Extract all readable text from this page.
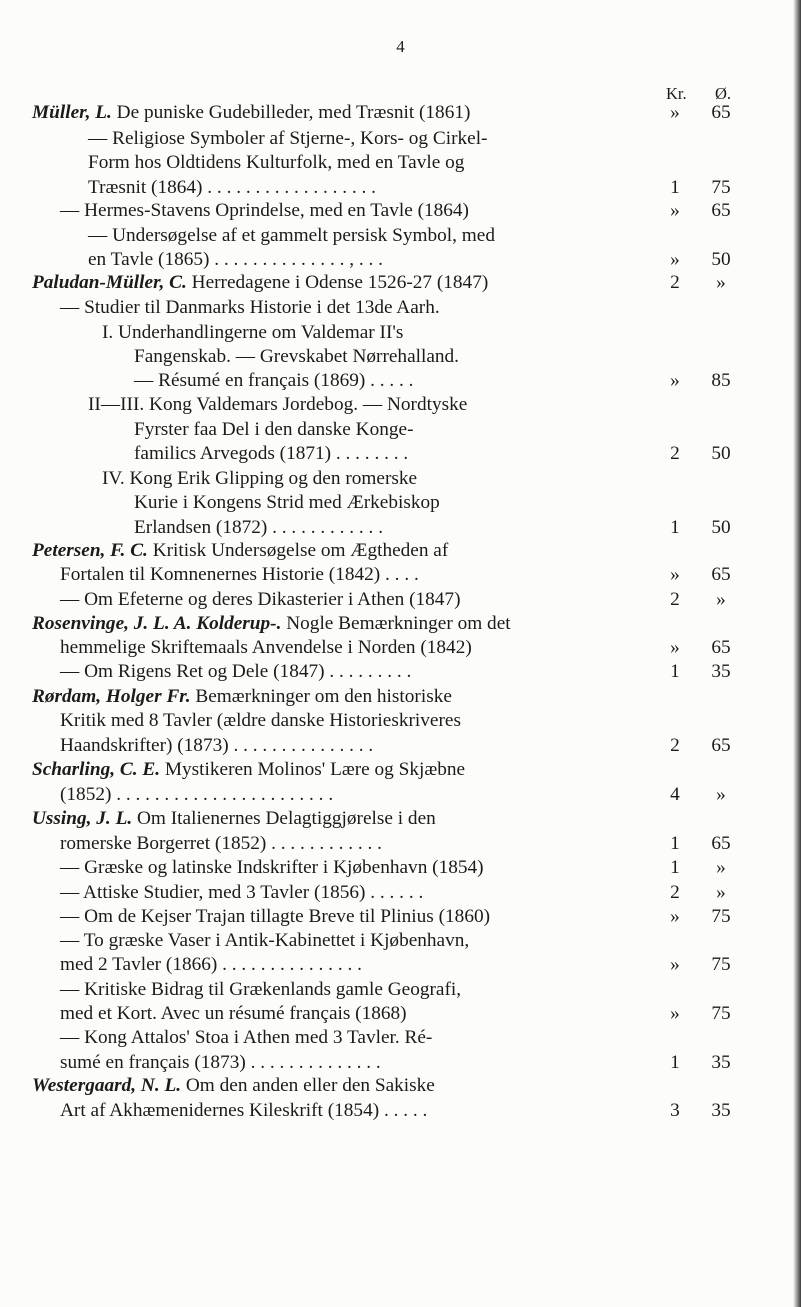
4
Kr. Ø.
Müller, L. De puniske Gudebilleder, med Træsnit (1861)	»	65
— Religiose Symboler af Stjerne-, Kors- og Cirkel-
Form hos Oldtidens Kulturfolk, med en Tavle og
Træsnit (1864) . . . . . . . . . . . . . . . . . .	1	75
— Hermes-Stavens Oprindelse, med en Tavle (1864)	»	65
— Undersøgelse af et gammelt persisk Symbol, med
en Tavle (1865) . . . . . . . . . . . . . . , . . .	»	50
Paludan-Müller, C. Herredagene i Odense 1526-27 (1847)	2	»
— Studier til Danmarks Historie i det 13de Aarh.
I. Underhandlingerne om Valdemar II's
Fangenskab. — Grevskabet Nørrehalland.
— Résumé en français (1869) . . . . .	»	85
II—III. Kong Valdemars Jordebog. — Nordtyske
Fyrster faa Del i den danske Konge-
familics Arvegods (1871) . . . . . . . .	2	50
IV. Kong Erik Glipping og den romerske
Kurie i Kongens Strid med Ærkebiskop
Erlandsen (1872) . . . . . . . . . . . .	1	50
Petersen, F. C. Kritisk Undersøgelse om Ægtheden af
Fortalen til Komnenernes Historie (1842) . . . .	»	65
— Om Efeterne og deres Dikasterier i Athen (1847)	2	»
Rosenvinge, J. L. A. Kolderup-. Nogle Bemærkninger om det
hemmelige Skriftemaals Anvendelse i Norden (1842)	»	65
— Om Rigens Ret og Dele (1847) . . . . . . . . .	1	35
Rørdam, Holger Fr. Bemærkninger om den historiske
Kritik med 8 Tavler (ældre danske Historieskriveres
Haandskrifter) (1873) . . . . . . . . . . . . . . .	2	65
Scharling, C. E. Mystikeren Molinos' Lære og Skjæbne
(1852) . . . . . . . . . . . . . . . . . . . . . . .	4	»
Ussing, J. L. Om Italienernes Delagtiggjørelse i den
romerske Borgerret (1852) . . . . . . . . . . . .	1	65
— Græske og latinske Indskrifter i Kjøbenhavn (1854)	1	»
— Attiske Studier, med 3 Tavler (1856) . . . . . .	2	»
— Om de Kejser Trajan tillagte Breve til Plinius (1860)	»	75
— To græske Vaser i Antik-Kabinettet i Kjøbenhavn,
med 2 Tavler (1866) . . . . . . . . . . . . . . .	»	75
— Kritiske Bidrag til Grækenlands gamle Geografi,
med et Kort. Avec un résumé français (1868)	»	75
— Kong Attalos' Stoa i Athen med 3 Tavler. Ré-
sumé en français (1873) . . . . . . . . . . . . . .	1	35
Westergaard, N. L. Om den anden eller den Sakiske
Art af Akhæmenidernes Kileskrift (1854) . . . . .	3	35
